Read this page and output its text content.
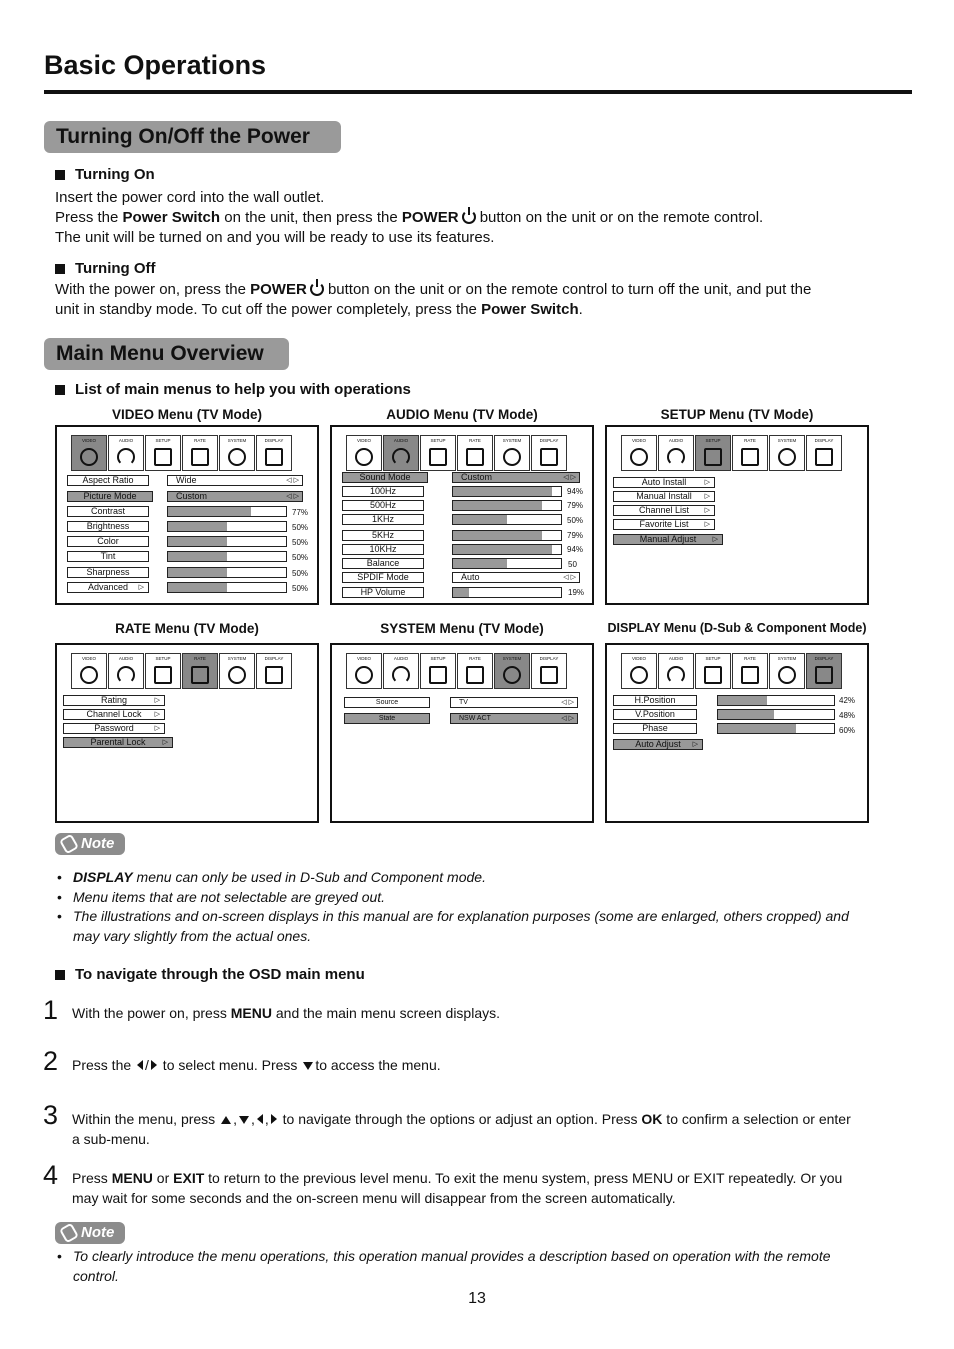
Basic Operations
Turning On/Off the Power
Turning On
Insert the power cord into the wall outlet.
Press the Power Switch on the unit, then press the POWER button on the unit or on the remote control.
The unit will be turned on and you will be ready to use its features.
Turning Off
With the power on, press the POWER button on the unit or on the remote control to turn off the unit, and put the
unit in standby mode. To cut off the power completely, press the Power Switch.
Main Menu Overview
List of main menus to help you with operations
VIDEO Menu (TV Mode)	AUDIO Menu (TV Mode)	SETUP Menu (TV Mode)
VIDEO	AUDIO	SETUP	RATE	SYSTEM	DISPLAY
Aspect Ratio	Wide	◁ ▷
Picture Mode	Custom	◁ ▷
Contrast	77%
Brightness	50%
Color	50%
Tint	50%
Sharpness	50%
Advanced ▷	50%
VIDEO	AUDIO	SETUP	RATE	SYSTEM	DISPLAY
Sound Mode	Custom	◁ ▷
100Hz	94%
500Hz	79%
1KHz	50%
5KHz	79%
10KHz	94%
Balance	50
SPDIF Mode	Auto	◁ ▷
HP Volume	19%
VIDEO	AUDIO	SETUP	RATE	SYSTEM	DISPLAY
Auto Install	▷
Manual Install ▷
Channel List ▷
Favorite List ▷
Manual Adjust ▷
RATE Menu (TV Mode)	SYSTEM Menu (TV Mode)	DISPLAY Menu (D-Sub & Component Mode)
VIDEO	AUDIO	SETUP	RATE	SYSTEM	DISPLAY
Rating	▷
Channel Lock ▷
Password	▷
Parental Lock ▷
VIDEO	AUDIO	SETUP	RATE	SYSTEM	DISPLAY
Source	TV	◁ ▷
State	NSW ACT	◁ ▷
VIDEO	AUDIO	SETUP	RATE	SYSTEM	DISPLAY
H.Position	42%
V.Position	48%
Phase	60%
Auto Adjust ▷
Note
• DISPLAY menu can only be used in D-Sub and Component mode.
• Menu items that are not selectable are greyed out.
• The illustrations and on-screen displays in this manual are for explanation purposes (some are enlarged, others cropped) and may vary slightly from the actual ones.
To navigate through the OSD main menu
1 With the power on, press MENU and the main menu screen displays.
2 Press the / to select menu. Press to access the menu.
3 Within the menu, press , , , to navigate through the options or adjust an option. Press OK to confirm a selection or enter a sub-menu.
4 Press MENU or EXIT to return to the previous level menu. To exit the menu system, press MENU or EXIT repeatedly. Or you may wait for some seconds and the on-screen menu will disappear from the screen automatically.
Note
• To clearly introduce the menu operations, this operation manual provides a description based on operation with the remote control.
13
